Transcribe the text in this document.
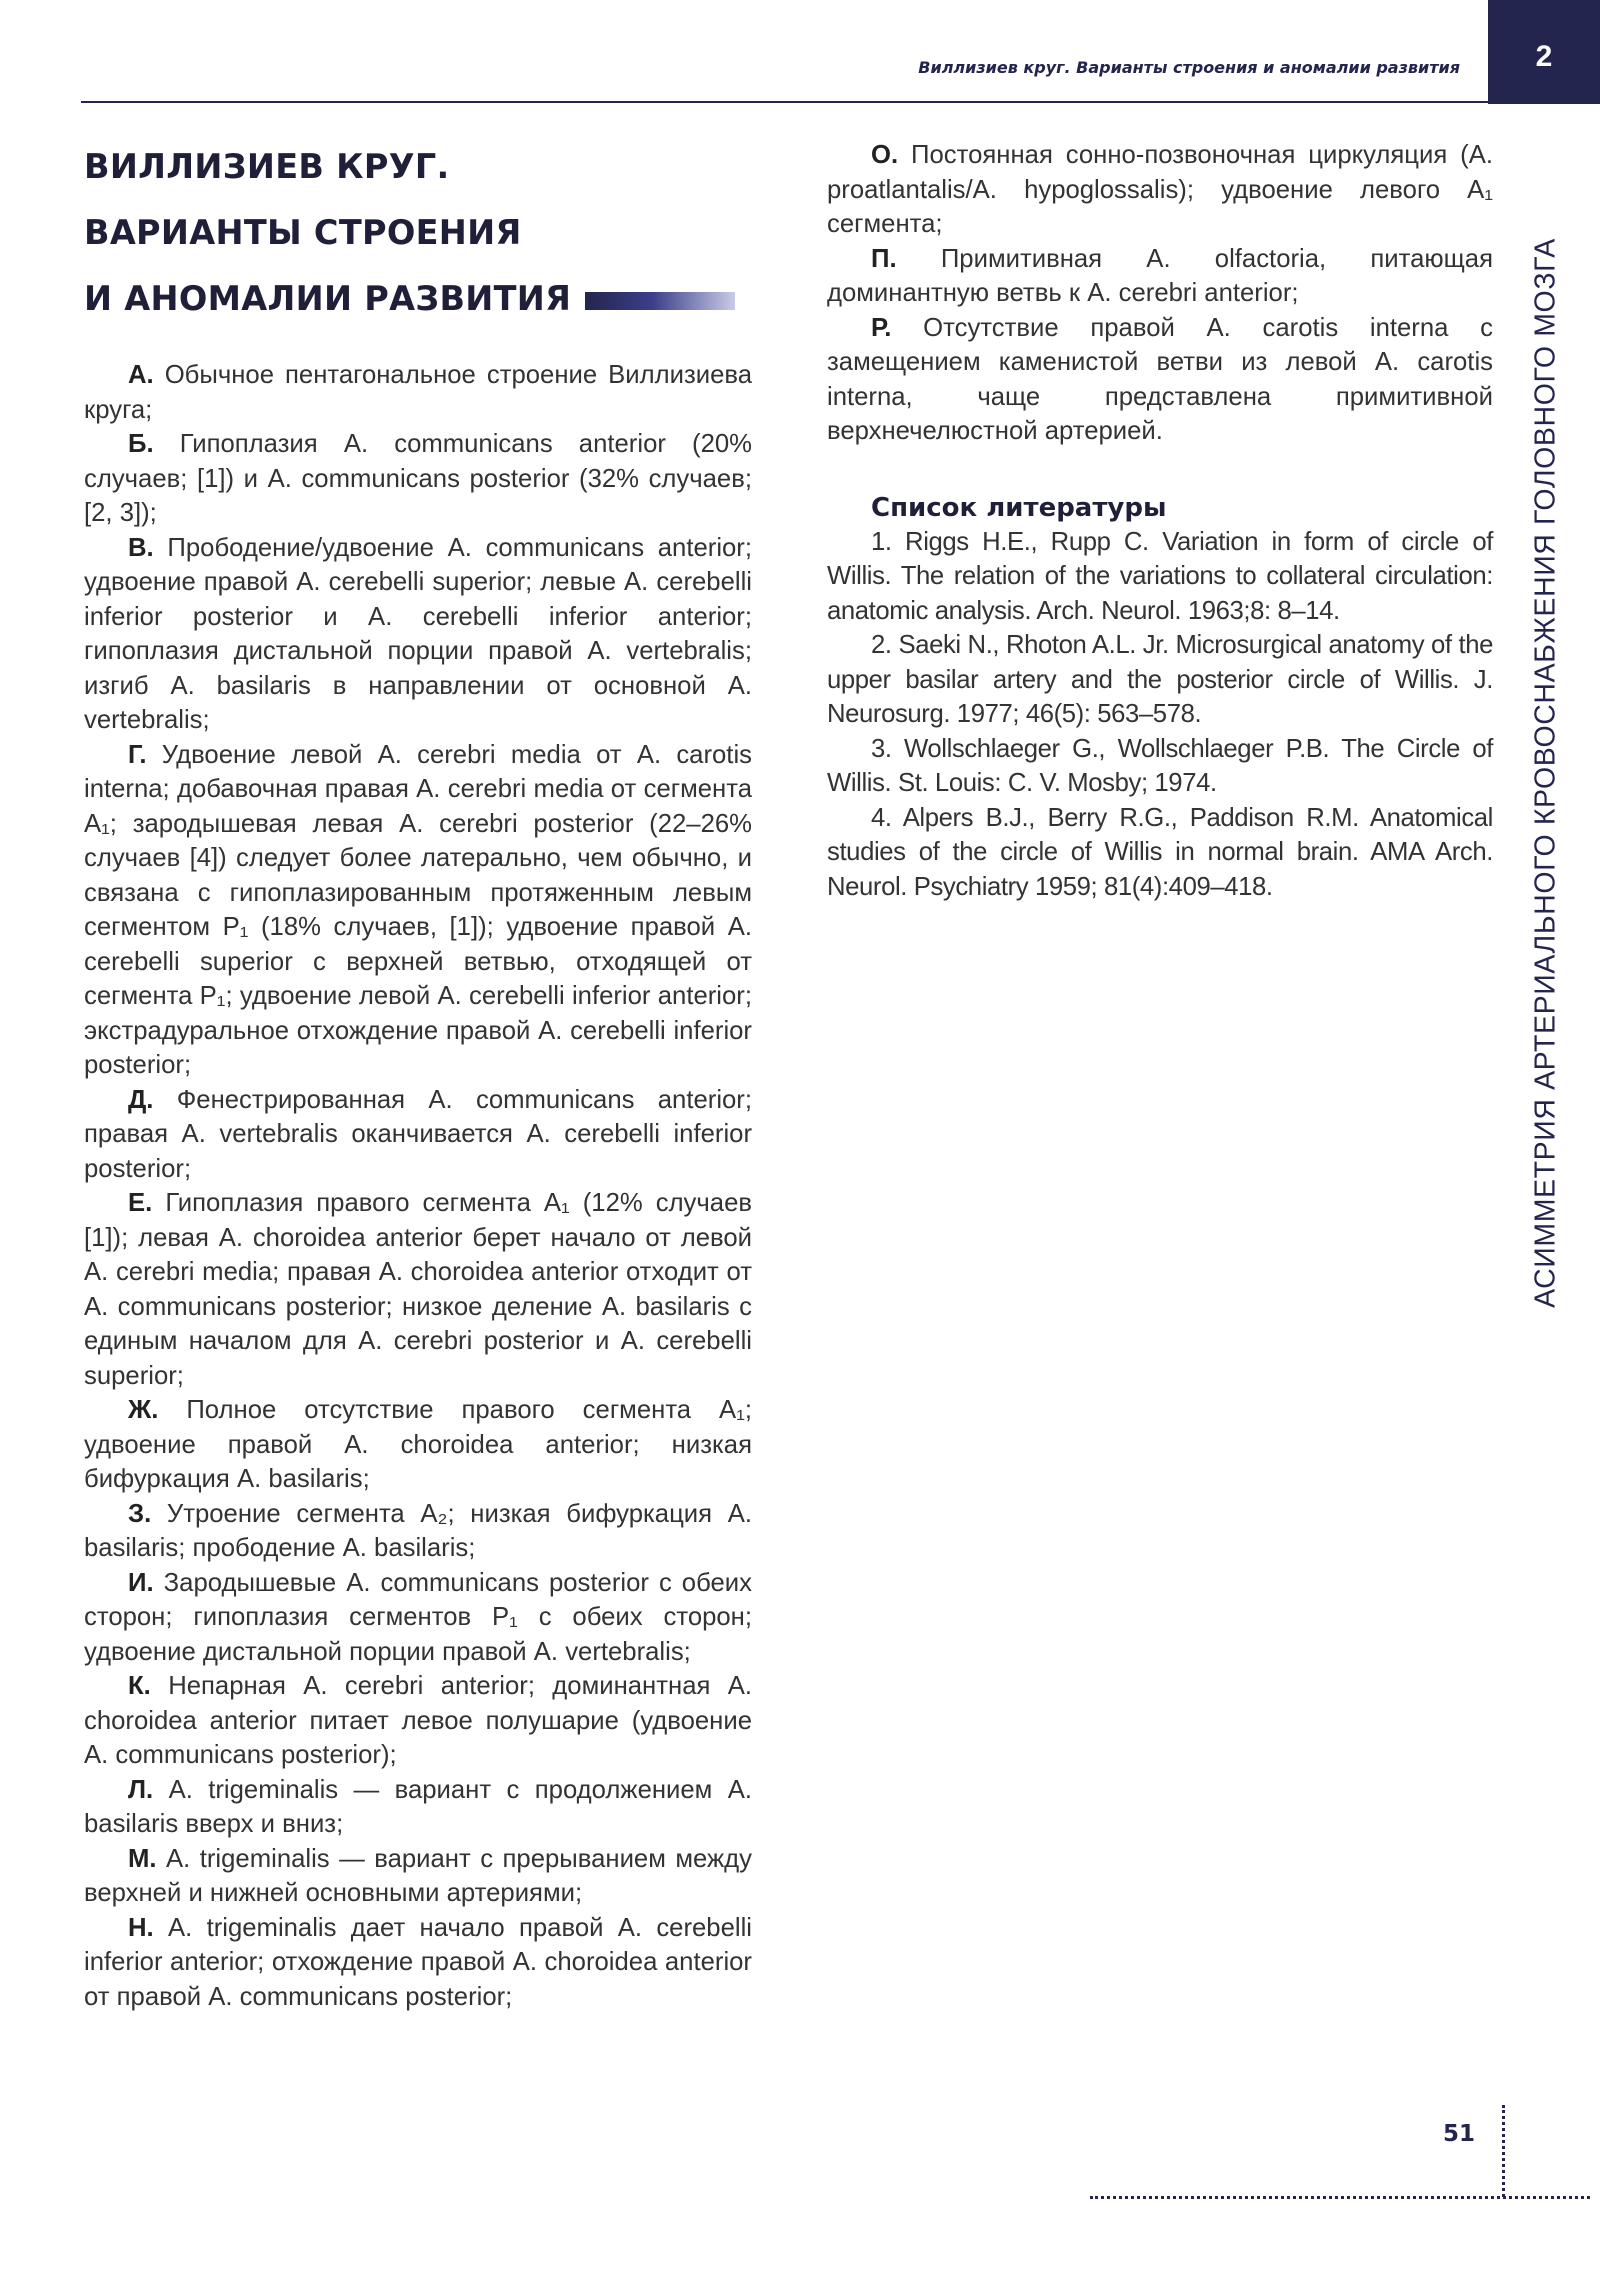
Виллизиев круг. Варианты строения и аномалии развития	2
АСИММЕТРИЯ АРТЕРИАЛЬНОГО КРОВОСНАБЖЕНИЯ ГОЛОВНОГО МОЗГА
ВИЛЛИЗИЕВ КРУГ.
ВАРИАНТЫ СТРОЕНИЯ
И АНОМАЛИИ РАЗВИТИЯ

А. Обычное пентагональное строение Виллизиева круга;

Б. Гипоплазия A. communicans anterior (20% случаев; [1]) и A. communicans posterior (32% случаев; [2, 3]);

В. Прободение/удвоение A. communicans anterior; удвоение правой A. cerebelli superior; левые A. cerebelli inferior posterior и A. cerebelli inferior anterior; гипоплазия дистальной порции правой A. vertebralis; изгиб A. basilaris в направлении от основной A. vertebralis;

Г. Удвоение левой A. cerebri media от A. carotis interna; добавочная правая A. cerebri media от сегмента A₁; зародышевая левая A. cerebri posterior (22–26% случаев [4]) следует более латерально, чем обычно, и связана с гипоплазированным протяженным левым сегментом P₁ (18% случаев, [1]); удвоение правой A. cerebelli superior с верхней ветвью, отходящей от сегмента P₁; удвоение левой A. cerebelli inferior anterior; экстрадуральное отхождение правой A. cerebelli inferior posterior;

Д. Фенестрированная A. communicans anterior; правая A. vertebralis оканчивается A. cerebelli inferior posterior;

Е. Гипоплазия правого сегмента A₁ (12% случаев [1]); левая A. choroidea anterior берет начало от левой A. cerebri media; правая A. choroidea anterior отходит от A. communicans posterior; низкое деление A. basilaris с единым началом для A. cerebri posterior и A. cerebelli superior;

Ж. Полное отсутствие правого сегмента A₁; удвоение правой A. choroidea anterior; низкая бифуркация A. basilaris;

З. Утроение сегмента A₂; низкая бифуркация A. basilaris; прободение A. basilaris;

И. Зародышевые A. communicans posterior с обеих сторон; гипоплазия сегментов P₁ с обеих сторон; удвоение дистальной порции правой A. vertebralis;

К. Непарная A. cerebri anterior; доминантная A. choroidea anterior питает левое полушарие (удвоение A. communicans posterior);

Л. A. trigeminalis — вариант с продолжением A. basilaris вверх и вниз;

М. A. trigeminalis — вариант с прерыванием между верхней и нижней основными артериями;

Н. A. trigeminalis дает начало правой A. cerebelli inferior anterior; отхождение правой A. choroidea anterior от правой A. communicans posterior;

О. Постоянная сонно-позвоночная циркуляция (A. proatlantalis/A. hypoglossalis); удвоение левого A₁ сегмента;

П. Примитивная A. olfactoria, питающая доминантную ветвь к A. cerebri anterior;

Р. Отсутствие правой A. carotis interna с замещением каменистой ветви из левой A. carotis interna, чаще представлена примитивной верхнечелюстной артерией.

Список литературы

1. Riggs H.E., Rupp C. Variation in form of circle of Willis. The relation of the variations to collateral circulation: anatomic analysis. Arch. Neurol. 1963;8: 8–14.

2. Saeki N., Rhoton A.L. Jr. Microsurgical anatomy of the upper basilar artery and the posterior circle of Willis. J. Neurosurg. 1977; 46(5): 563–578.

3. Wollschlaeger G., Wollschlaeger P.B. The Circle of Willis. St. Louis: C. V. Mosby; 1974.

4. Alpers B.J., Berry R.G., Paddison R.M. Anatomical studies of the circle of Willis in normal brain. AMA Arch. Neurol. Psychiatry 1959; 81(4):409–418.

51
